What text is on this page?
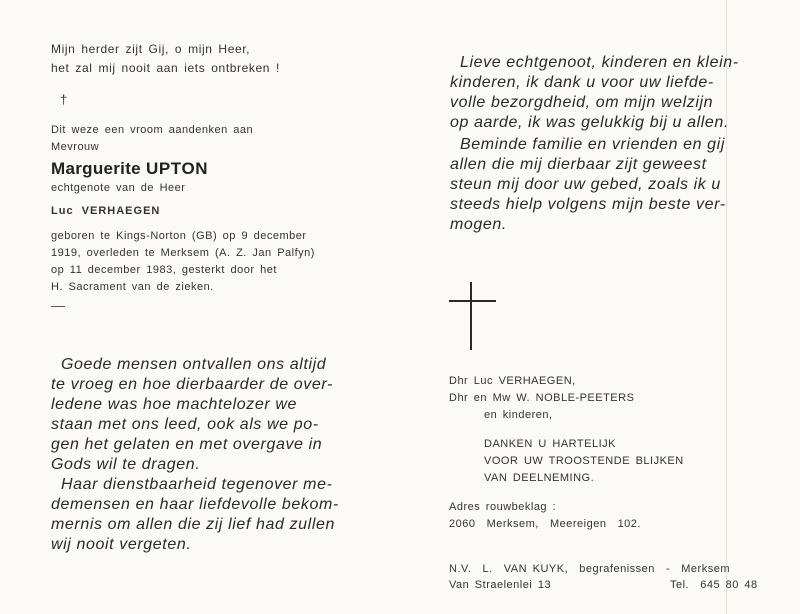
Mijn herder zijt Gij, o mijn Heer,
het zal mij nooit aan iets ontbreken !
†
Dit weze een vroom aandenken aan
Mevrouw
Marguerite UPTON
echtgenote van de Heer
Luc  VERHAEGEN
geboren te Kings-Norton (GB) op 9 december
1919, overleden te Merksem (A. Z. Jan Palfyn)
op 11 december 1983, gesterkt door het
H. Sacrament van de zieken.
Goede mensen ontvallen ons altijd
te vroeg en hoe dierbaarder de over-
ledene was hoe machtelozer we
staan met ons leed, ook als we po-
gen het gelaten en met overgave in
Gods wil te dragen.
Haar dienstbaarheid tegenover me-
demensen en haar liefdevolle bekom-
mernis om allen die zij lief had zullen
wij nooit vergeten.
Lieve echtgenoot, kinderen en klein-
kinderen, ik dank u voor uw liefde-
volle bezorgdheid, om mijn welzijn
op aarde, ik was gelukkig bij u allen.
Beminde familie en vrienden en gij
allen die mij dierbaar zijt geweest
steun mij door uw gebed, zoals ik u
steeds hielp volgens mijn beste ver-
mogen.
Dhr Luc VERHAEGEN,
Dhr en Mw W. NOBLE-PEETERS
en kinderen,
DANKEN U HARTELIJK
VOOR UW TROOSTENDE BLIJKEN
VAN DEELNEMING.
Adres rouwbeklag :
2060  Merksem,  Meereigen  102.
N.V.  L.  VAN KUYK,  begrafenissen  -  Merksem
Van Straelenlei 13	Tel.  645 80 48
